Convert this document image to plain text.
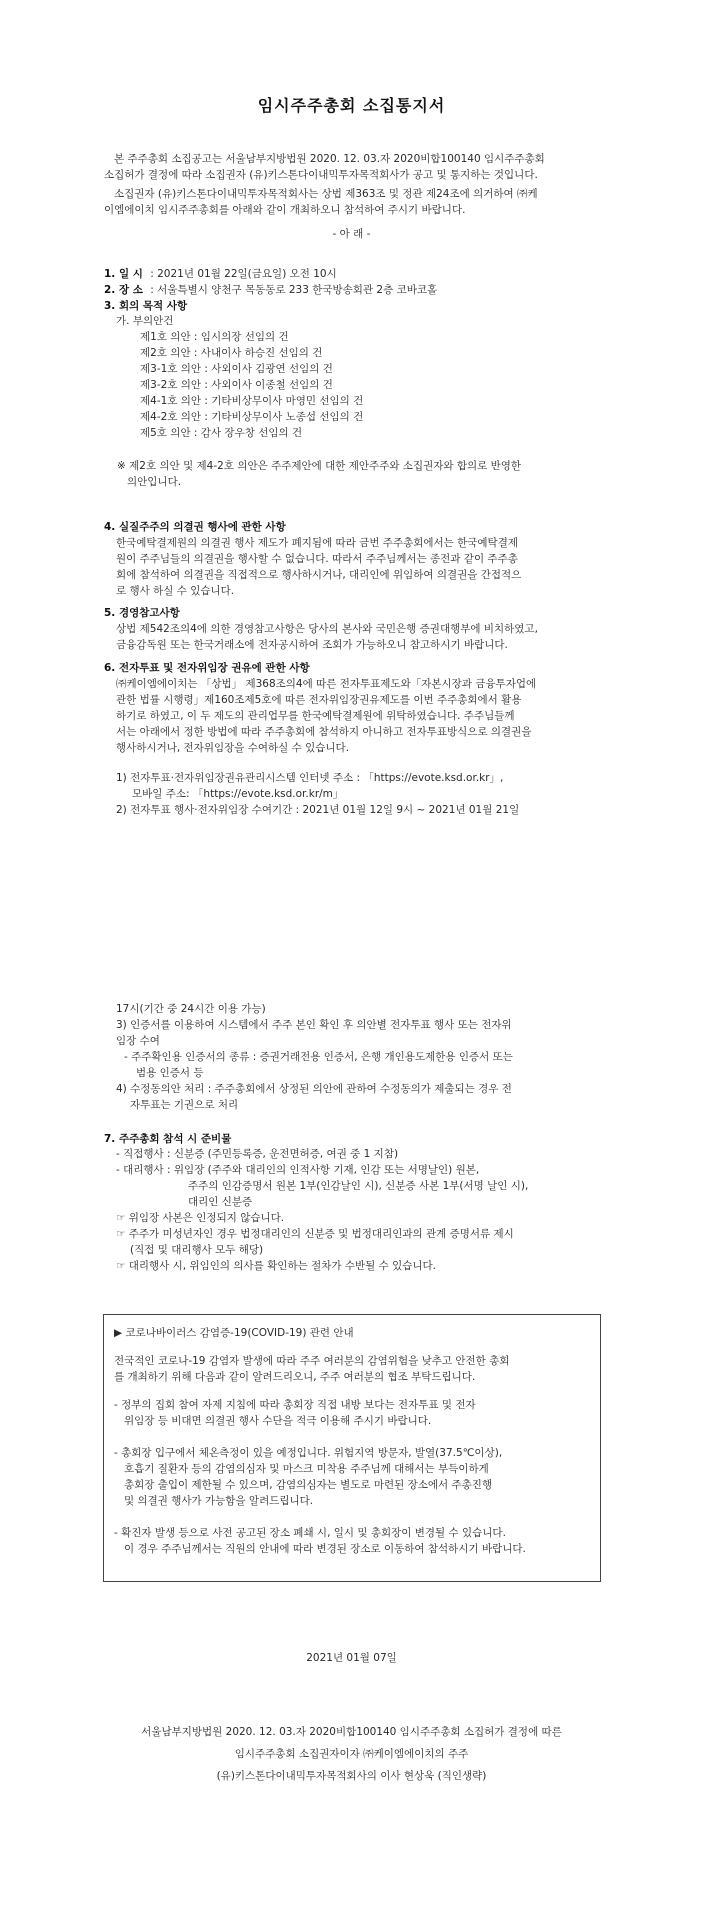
임시주주총회 소집통지서
본 주주총회 소집공고는 서울남부지방법원 2020. 12. 03.자 2020비합100140 임시주주총회
소집허가 결정에 따라 소집권자 (유)키스톤다이내믹투자목적회사가 공고 및 통지하는 것입니다.
소집권자 (유)키스톤다이내믹투자목적회사는 상법 제363조 및 정관 제24조에 의거하여 ㈜케
이엠에이치 임시주주총회를 아래와 같이 개최하오니 참석하여 주시기 바랍니다.
- 아 래 -
1. 일 시 : 2021년 01월 22일(금요일) 오전 10시
2. 장 소 : 서울특별시 양천구 목동동로 233 한국방송회관 2층 코바코홀
3. 회의 목적 사항
가. 부의안건
제1호 의안 : 임시의장 선임의 건
제2호 의안 : 사내이사 하승진 선임의 건
제3-1호 의안 : 사외이사 김광연 선임의 건
제3-2호 의안 : 사외이사 이종철 선임의 건
제4-1호 의안 : 기타비상무이사 마영민 선임의 건
제4-2호 의안 : 기타비상무이사 노종섭 선임의 건
제5호 의안 : 감사 장우창 선임의 건
※ 제2호 의안 및 제4-2호 의안은 주주제안에 대한 제안주주와 소집권자와 합의로 반영한
의안입니다.
4. 실질주주의 의결권 행사에 관한 사항
한국예탁결제원의 의결권 행사 제도가 폐지됨에 따라 금번 주주총회에서는 한국예탁결제
원이 주주님들의 의결권을 행사할 수 없습니다. 따라서 주주님께서는 종전과 같이 주주총
회에 참석하여 의결권을 직접적으로 행사하시거나, 대리인에 위임하여 의결권을 간접적으
로 행사 하실 수 있습니다.
5. 경영참고사항
상법 제542조의4에 의한 경영참고사항은 당사의 본사와 국민은행 증권대행부에 비치하였고,
금융감독원 또는 한국거래소에 전자공시하여 조회가 가능하오니 참고하시기 바랍니다.
6. 전자투표 및 전자위임장 권유에 관한 사항
㈜케이엠에이치는 「상법」 제368조의4에 따른 전자투표제도와「자본시장과 금융투자업에
관한 법률 시행령」제160조제5호에 따른 전자위임장권유제도를 이번 주주총회에서 활용
하기로 하였고, 이 두 제도의 관리업무를 한국예탁결제원에 위탁하였습니다. 주주님들께
서는 아래에서 정한 방법에 따라 주주총회에 참석하지 아니하고 전자투표방식으로 의결권을
행사하시거나, 전자위임장을 수여하실 수 있습니다.
1) 전자투표·전자위임장권유관리시스템 인터넷 주소 : 「https://evote.ksd.or.kr」,
모바일 주소: 「https://evote.ksd.or.kr/m」
2) 전자투표 행사·전자위임장 수여기간 : 2021년 01월 12일 9시 ~ 2021년 01월 21일
17시(기간 중 24시간 이용 가능)
3) 인증서를 이용하여 시스템에서 주주 본인 확인 후 의안별 전자투표 행사 또는 전자위
임장 수여
- 주주확인용 인증서의 종류 : 증권거래전용 인증서, 은행 개인용도제한용 인증서 또는
범용 인증서 등
4) 수정동의안 처리 : 주주총회에서 상정된 의안에 관하여 수정동의가 제출되는 경우 전
자투표는 기권으로 처리
7. 주주총회 참석 시 준비물
- 직접행사 : 신분증 (주민등록증, 운전면허증, 여권 중 1 지참)
- 대리행사 : 위임장 (주주와 대리인의 인적사항 기재, 인감 또는 서명날인) 원본,
주주의 인감증명서 원본 1부(인감날인 시), 신분증 사본 1부(서명 날인 시),
대리인 신분증
☞ 위임장 사본은 인정되지 않습니다.
☞ 주주가 미성년자인 경우 법정대리인의 신분증 및 법정대리인과의 관계 증명서류 제시
(직접 및 대리행사 모두 해당)
☞ 대리행사 시, 위임인의 의사를 확인하는 절차가 수반될 수 있습니다.
▶ 코로나바이러스 감염증-19(COVID-19) 관련 안내
전국적인 코로나-19 감염자 발생에 따라 주주 여러분의 감염위험을 낮추고 안전한 총회
를 개최하기 위해 다음과 같이 알려드리오니, 주주 여러분의 협조 부탁드립니다.
- 정부의 집회 참여 자제 지침에 따라 총회장 직접 내방 보다는 전자투표 및 전자
위임장 등 비대면 의결권 행사 수단을 적극 이용해 주시기 바랍니다.
- 총회장 입구에서 체온측정이 있을 예정입니다. 위험지역 방문자, 발열(37.5℃이상),
호흡기 질환자 등의 감염의심자 및 마스크 미착용 주주님께 대해서는 부득이하게
총회장 출입이 제한될 수 있으며, 감염의심자는 별도로 마련된 장소에서 주총진행
및 의결권 행사가 가능함을 알려드립니다.
- 확진자 발생 등으로 사전 공고된 장소 폐쇄 시, 일시 및 총회장이 변경될 수 있습니다.
이 경우 주주님께서는 직원의 안내에 따라 변경된 장소로 이동하여 참석하시기 바랍니다.
2021년 01월 07일
서울남부지방법원 2020. 12. 03.자 2020비합100140 임시주주총회 소집허가 결정에 따른
임시주주총회 소집권자이자 ㈜케이엠에이치의 주주
(유)키스톤다이내믹투자목적회사의 이사 현상욱 (직인생략)
